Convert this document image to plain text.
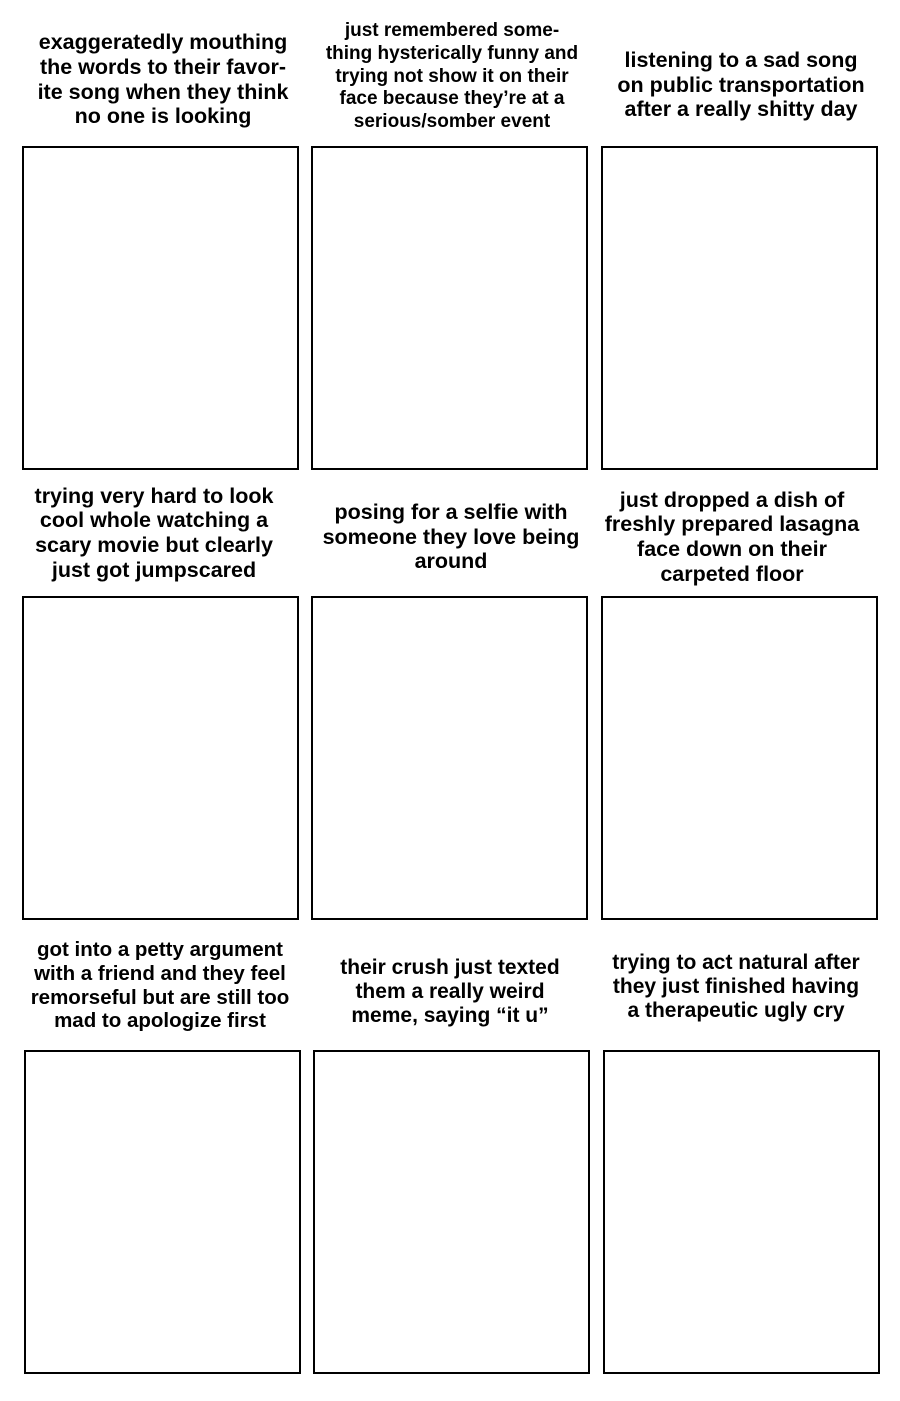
exaggeratedly mouthing
the words to their favor-
ite song when they think
no one is looking
just remembered some-
thing hysterically funny and
trying not show it on their
face because they’re at a
serious/somber event
listening to a sad song
on public transportation
after a really shitty day
trying very hard to look
cool whole watching a
scary movie but clearly
just got jumpscared
posing for a selfie with
someone they love being
around
just dropped a dish of
freshly prepared lasagna
face down on their
carpeted floor
got into a petty argument
with a friend and they feel
remorseful but are still too
mad to apologize first
their crush just texted
them a really weird
meme, saying “it u”
trying to act natural after
they just finished having
a therapeutic ugly cry
